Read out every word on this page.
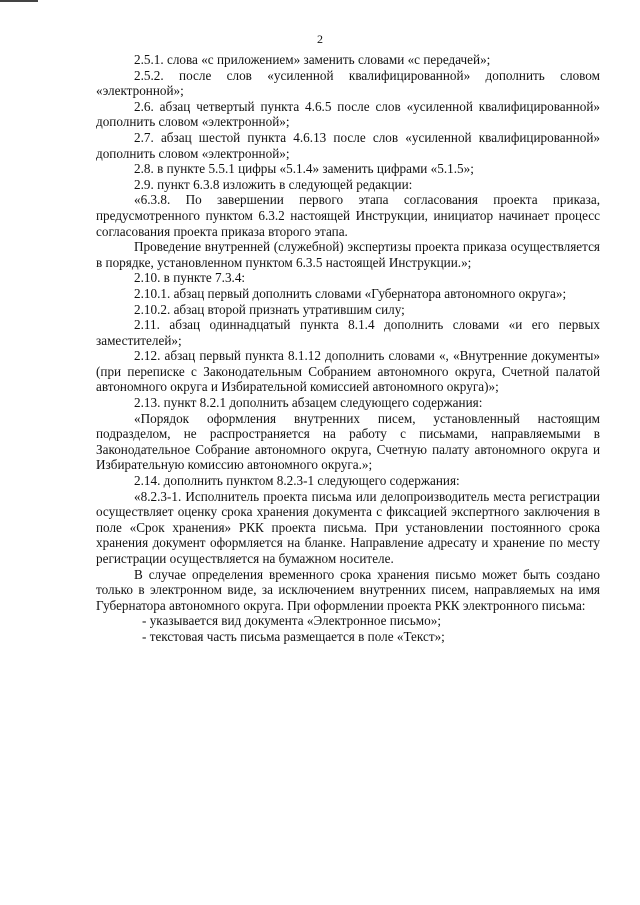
2

2.5.1. слова «с приложением» заменить словами «с передачей»;

2.5.2. после слов «усиленной квалифицированной» дополнить словом «электронной»;

2.6. абзац четвертый пункта 4.6.5 после слов «усиленной квалифицированной» дополнить словом «электронной»;

2.7. абзац шестой пункта 4.6.13 после слов «усиленной квалифицированной» дополнить словом «электронной»;

2.8. в пункте 5.5.1 цифры «5.1.4» заменить цифрами «5.1.5»;

2.9. пункт 6.3.8 изложить в следующей редакции:

«6.3.8. По завершении первого этапа согласования проекта приказа, предусмотренного пунктом 6.3.2 настоящей Инструкции, инициатор начинает процесс согласования проекта приказа второго этапа.

Проведение внутренней (служебной) экспертизы проекта приказа осуществляется в порядке, установленном пунктом 6.3.5 настоящей Инструкции.»;

2.10. в пункте 7.3.4:

2.10.1. абзац первый дополнить словами «Губернатора автономного округа»;

2.10.2. абзац второй признать утратившим силу;

2.11. абзац одиннадцатый пункта 8.1.4 дополнить словами «и его первых заместителей»;

2.12. абзац первый пункта 8.1.12 дополнить словами «, «Внутренние документы» (при переписке с Законодательным Собранием автономного округа, Счетной палатой автономного округа и Избирательной комиссией автономного округа)»;

2.13. пункт 8.2.1 дополнить абзацем следующего содержания:

«Порядок оформления внутренних писем, установленный настоящим подразделом, не распространяется на работу с письмами, направляемыми в Законодательное Собрание автономного округа, Счетную палату автономного округа и Избирательную комиссию автономного округа.»;

2.14. дополнить пунктом 8.2.3-1 следующего содержания:

«8.2.3-1. Исполнитель проекта письма или делопроизводитель места регистрации осуществляет оценку срока хранения документа с фиксацией экспертного заключения в поле «Срок хранения» РКК проекта письма. При установлении постоянного срока хранения документ оформляется на бланке. Направление адресату и хранение по месту регистрации осуществляется на бумажном носителе.

В случае определения временного срока хранения письмо может быть создано только в электронном виде, за исключением внутренних писем, направляемых на имя Губернатора автономного округа. При оформлении проекта РКК электронного письма:

- указывается вид документа «Электронное письмо»;

- текстовая часть письма размещается в поле «Текст»;
